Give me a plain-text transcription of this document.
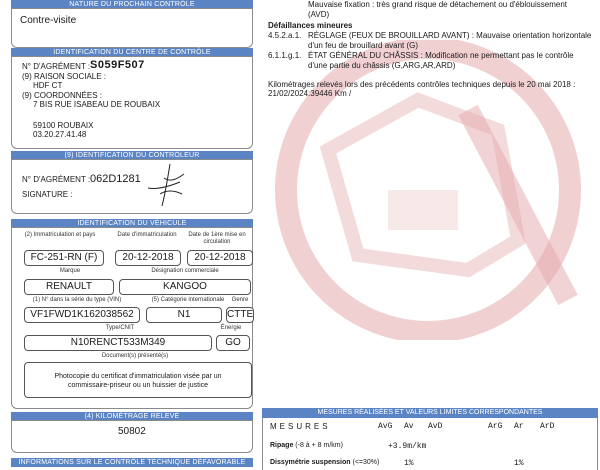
NATURE DU PROCHAIN CONTRÔLE
Contre-visite
IDENTIFICATION DU CENTRE DE CONTRÔLE
N° D'AGRÉMENT : S059F507
(9) RAISON SOCIALE :
HDF CT
(9) COORDONNÉES :
7 BIS RUE ISABEAU DE ROUBAIX
59100 ROUBAIX
03.20.27.41.48
(9) IDENTIFICATION DU CONTRÔLEUR
N° D'AGRÉMENT : 062D1281
SIGNATURE :
IDENTIFICATION DU VÉHICULE
(2) Immatriculation et pays	Date d'immatriculation	Date de 1ère mise en circulation
FC-251-RN (F)	20-12-2018	20-12-2018
Marque	Désignation commerciale
RENAULT	KANGOO
(1) N° dans la série du type (VIN)	(5) Catégorie internationale	Genre
VF1FWD1K162038562	N1	CTTE
Type/CNIT	Énergie
N10RENCT533M349	GO
Document(s) présenté(s)
Photocopie du certificat d'immatriculation visée par un commissaire-priseur ou un huissier de justice
(4) KILOMÉTRAGE RELEVÉ
50802
INFORMATIONS SUR LE CONTRÔLE TECHNIQUE DÉFAVORABLE
Mauvaise fixation : très grand risque de détachement ou d'éblouissement
(AVD)
Défaillances mineures
4.5.2.a.1. RÉGLAGE (FEUX DE BROUILLARD AVANT) : Mauvaise orientation horizontale
d'un feu de brouillard avant (G)
6.1.1.g.1. ÉTAT GÉNÉRAL DU CHÂSSIS : Modification ne permettant pas le contrôle
d'une partie du châssis (G,ARG,AR,ARD)
Kilométrages relevés lors des précédents contrôles techniques depuis le 20 mai 2018 :
21/02/2024:39446 Km /
MESURES RÉALISÉES ET VALEURS LIMITES CORRESPONDANTES
MESURES	AvG Av AvD	ArG Ar ArD
Ripage (-8 à + 8 m/km)	+3.9m/km
Dissymétrie suspension (<=30%)	1%	1%
